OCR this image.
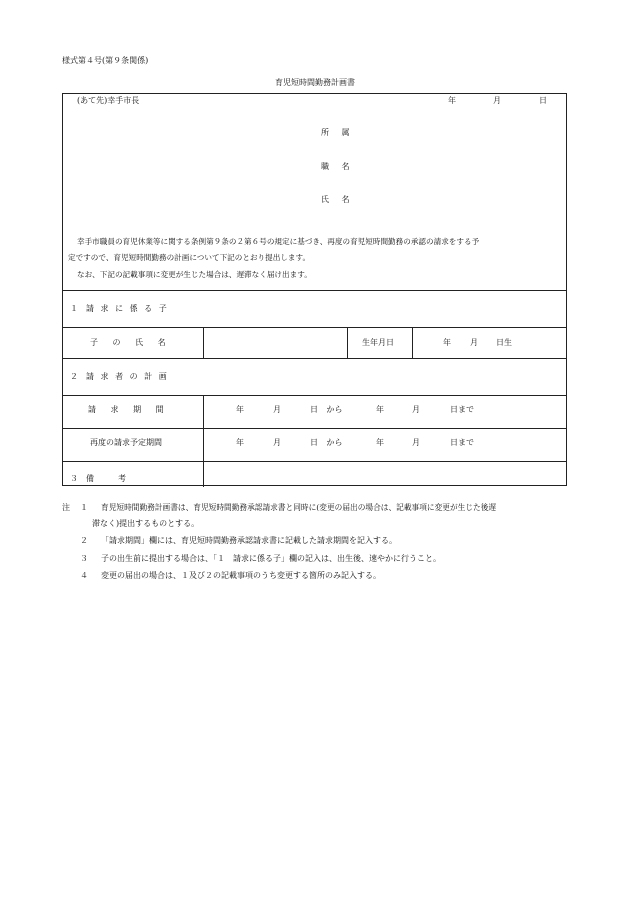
様式第４号(第９条関係)
育児短時間勤務計画書
(あて先)幸手市長	年	月	日
所 属
職 名
氏 名
幸手市職員の育児休業等に関する条例第９条の２第６号の規定に基づき、再度の育児短時間勤務の承認の請求をする予
定ですので、育児短時間勤務の計画について下記のとおり提出します。
なお、下記の記載事項に変更が生じた場合は、遅滞なく届け出ます。
１　請 求 に 係 る 子
子 の 氏 名	生年月日	年 月 日生
２　請 求 者 の 計 画
請 求 期 間	年	月	日 から	年	月	日まで
再度の請求予定期間	年	月	日 から	年	月	日まで
３　備　　　考
注 １ 育児短時間勤務計画書は、育児短時間勤務承認請求書と同時に(変更の届出の場合は、記載事項に変更が生じた後遅
滞なく)提出するものとする。
２ 「請求期間」欄には、育児短時間勤務承認請求書に記載した請求期間を記入する。
３ 子の出生前に提出する場合は、「１　請求に係る子」欄の記入は、出生後、速やかに行うこと。
４ 変更の届出の場合は、１及び２の記載事項のうち変更する箇所のみ記入する。
